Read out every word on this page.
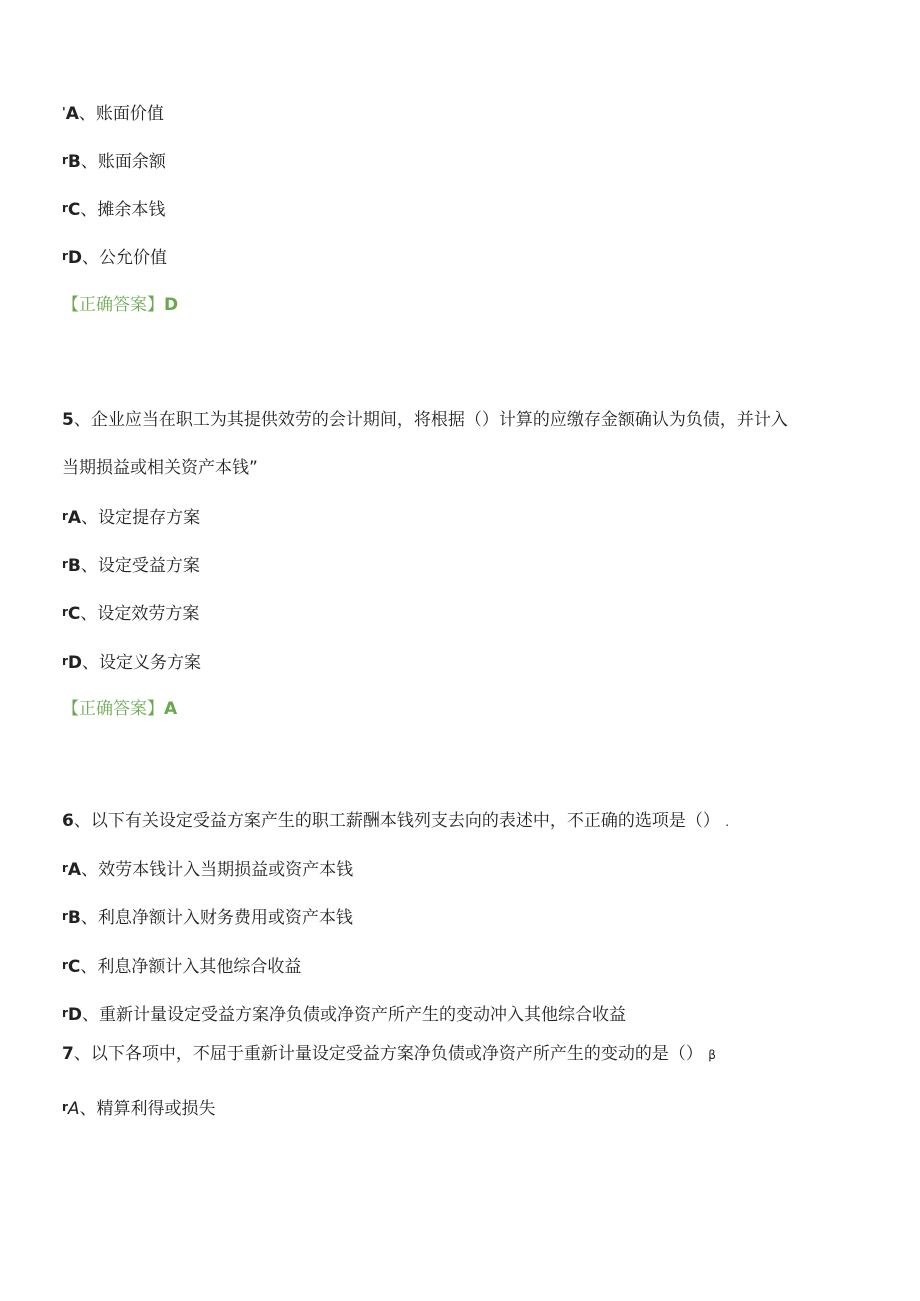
'A、账面价值
rB、账面余额
rC、摊余本钱
rD、公允价值
【正确答案】D
5、企业应当在职工为其提供效劳的会计期间，将根据（）计算的应缴存金额确认为负债，并计入
当期损益或相关资产本钱”
rA、设定提存方案
rB、设定受益方案
rC、设定效劳方案
rD、设定义务方案
【正确答案】A
6、以下有关设定受益方案产生的职工薪酬本钱列支去向的表述中，不正确的选项是（） .
rA、效劳本钱计入当期损益或资产本钱
rB、利息净额计入财务费用或资产本钱
rC、利息净额计入其他综合收益
rD、重新计量设定受益方案净负债或净资产所产生的变动冲入其他综合收益
7、以下各项中，不屈于重新计量设定受益方案净负债或净资产所产生的变动的是（） β
rA、精算利得或损失
